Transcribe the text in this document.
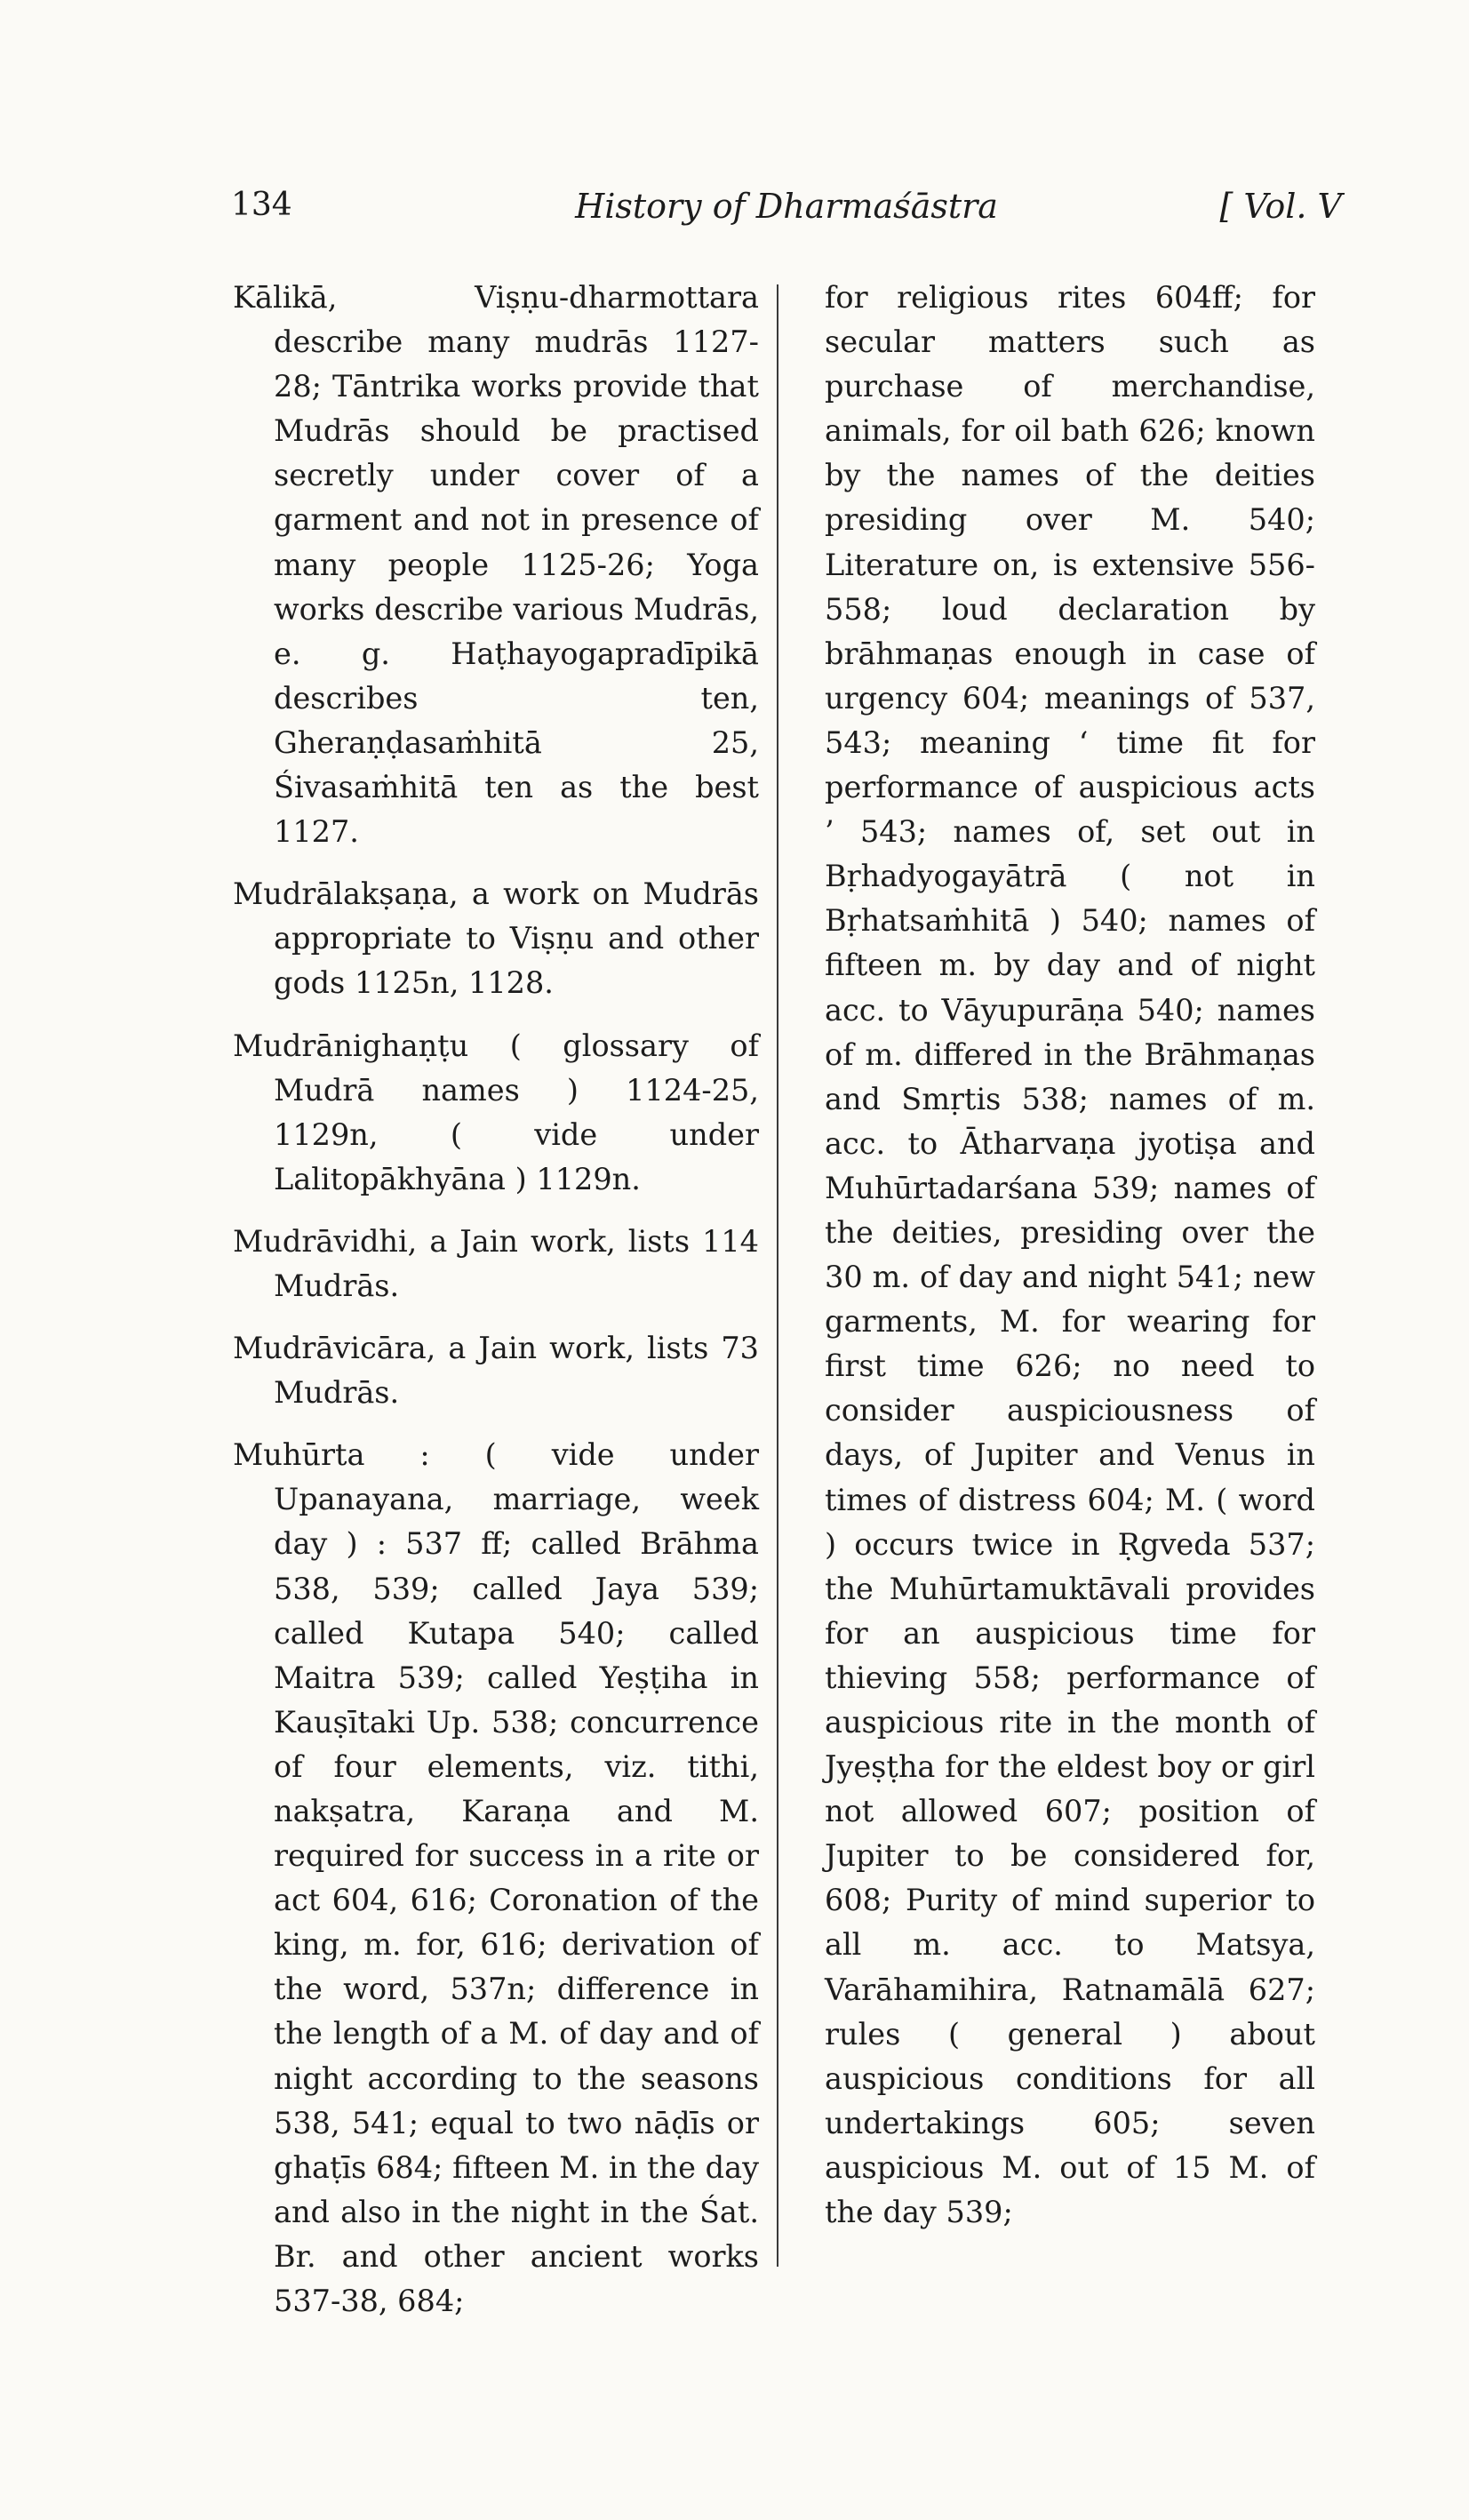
134	History of Dharmaśāstra	[ Vol. V

Kālikā, Viṣṇu-dharmottara describe many mudrās 1127-28; Tāntrika works provide that Mudrās should be practised secretly under cover of a garment and not in presence of many people 1125-26; Yoga works describe various Mudrās, e. g. Haṭhayogapradīpikā describes ten, Gheraṇḍasaṁhitā 25, Śivasaṁhitā ten as the best 1127.

Mudrālakṣaṇa, a work on Mudrās appropriate to Viṣṇu and other gods 1125n, 1128.

Mudrānighaṇṭu ( glossary of Mudrā names ) 1124-25, 1129n, ( vide under Lalitopākhyāna ) 1129n.

Mudrāvidhi, a Jain work, lists 114 Mudrās.

Mudrāvicāra, a Jain work, lists 73 Mudrās.

Muhūrta : ( vide under Upanayana, marriage, week day ) : 537 ff; called Brāhma 538, 539; called Jaya 539; called Kutapa 540; called Maitra 539; called Yeṣṭiha in Kauṣītaki Up. 538; concurrence of four elements, viz. tithi, nakṣatra, Karaṇa and M. required for success in a rite or act 604, 616; Coronation of the king, m. for, 616; derivation of the word, 537n; difference in the length of a M. of day and of night according to the seasons 538, 541; equal to two nāḍīs or ghaṭīs 684; fifteen M. in the day and also in the night in the Śat. Br. and other ancient works 537-38, 684;

for religious rites 604ff; for secular matters such as purchase of merchandise, animals, for oil bath 626; known by the names of the deities presiding over M. 540; Literature on, is extensive 556-558; loud declaration by brāhmaṇas enough in case of urgency 604; meanings of 537, 543; meaning ‘ time fit for performance of auspicious acts ’ 543; names of, set out in Bṛhadyogayātrā ( not in Bṛhatsaṁhitā ) 540; names of fifteen m. by day and of night acc. to Vāyupurāṇa 540; names of m. differed in the Brāhmaṇas and Smṛtis 538; names of m. acc. to Ātharvaṇa jyotiṣa and Muhūrtadarśana 539; names of the deities, presiding over the 30 m. of day and night 541; new garments, M. for wearing for first time 626; no need to consider auspiciousness of days, of Jupiter and Venus in times of distress 604; M. ( word ) occurs twice in Ṛgveda 537; the Muhūrtamuktāvali provides for an auspicious time for thieving 558; performance of auspicious rite in the month of Jyeṣṭha for the eldest boy or girl not allowed 607; position of Jupiter to be considered for, 608; Purity of mind superior to all m. acc. to Matsya, Varāhamihira, Ratnamālā 627; rules ( general ) about auspicious conditions for all undertakings 605; seven auspicious M. out of 15 M. of the day 539;
